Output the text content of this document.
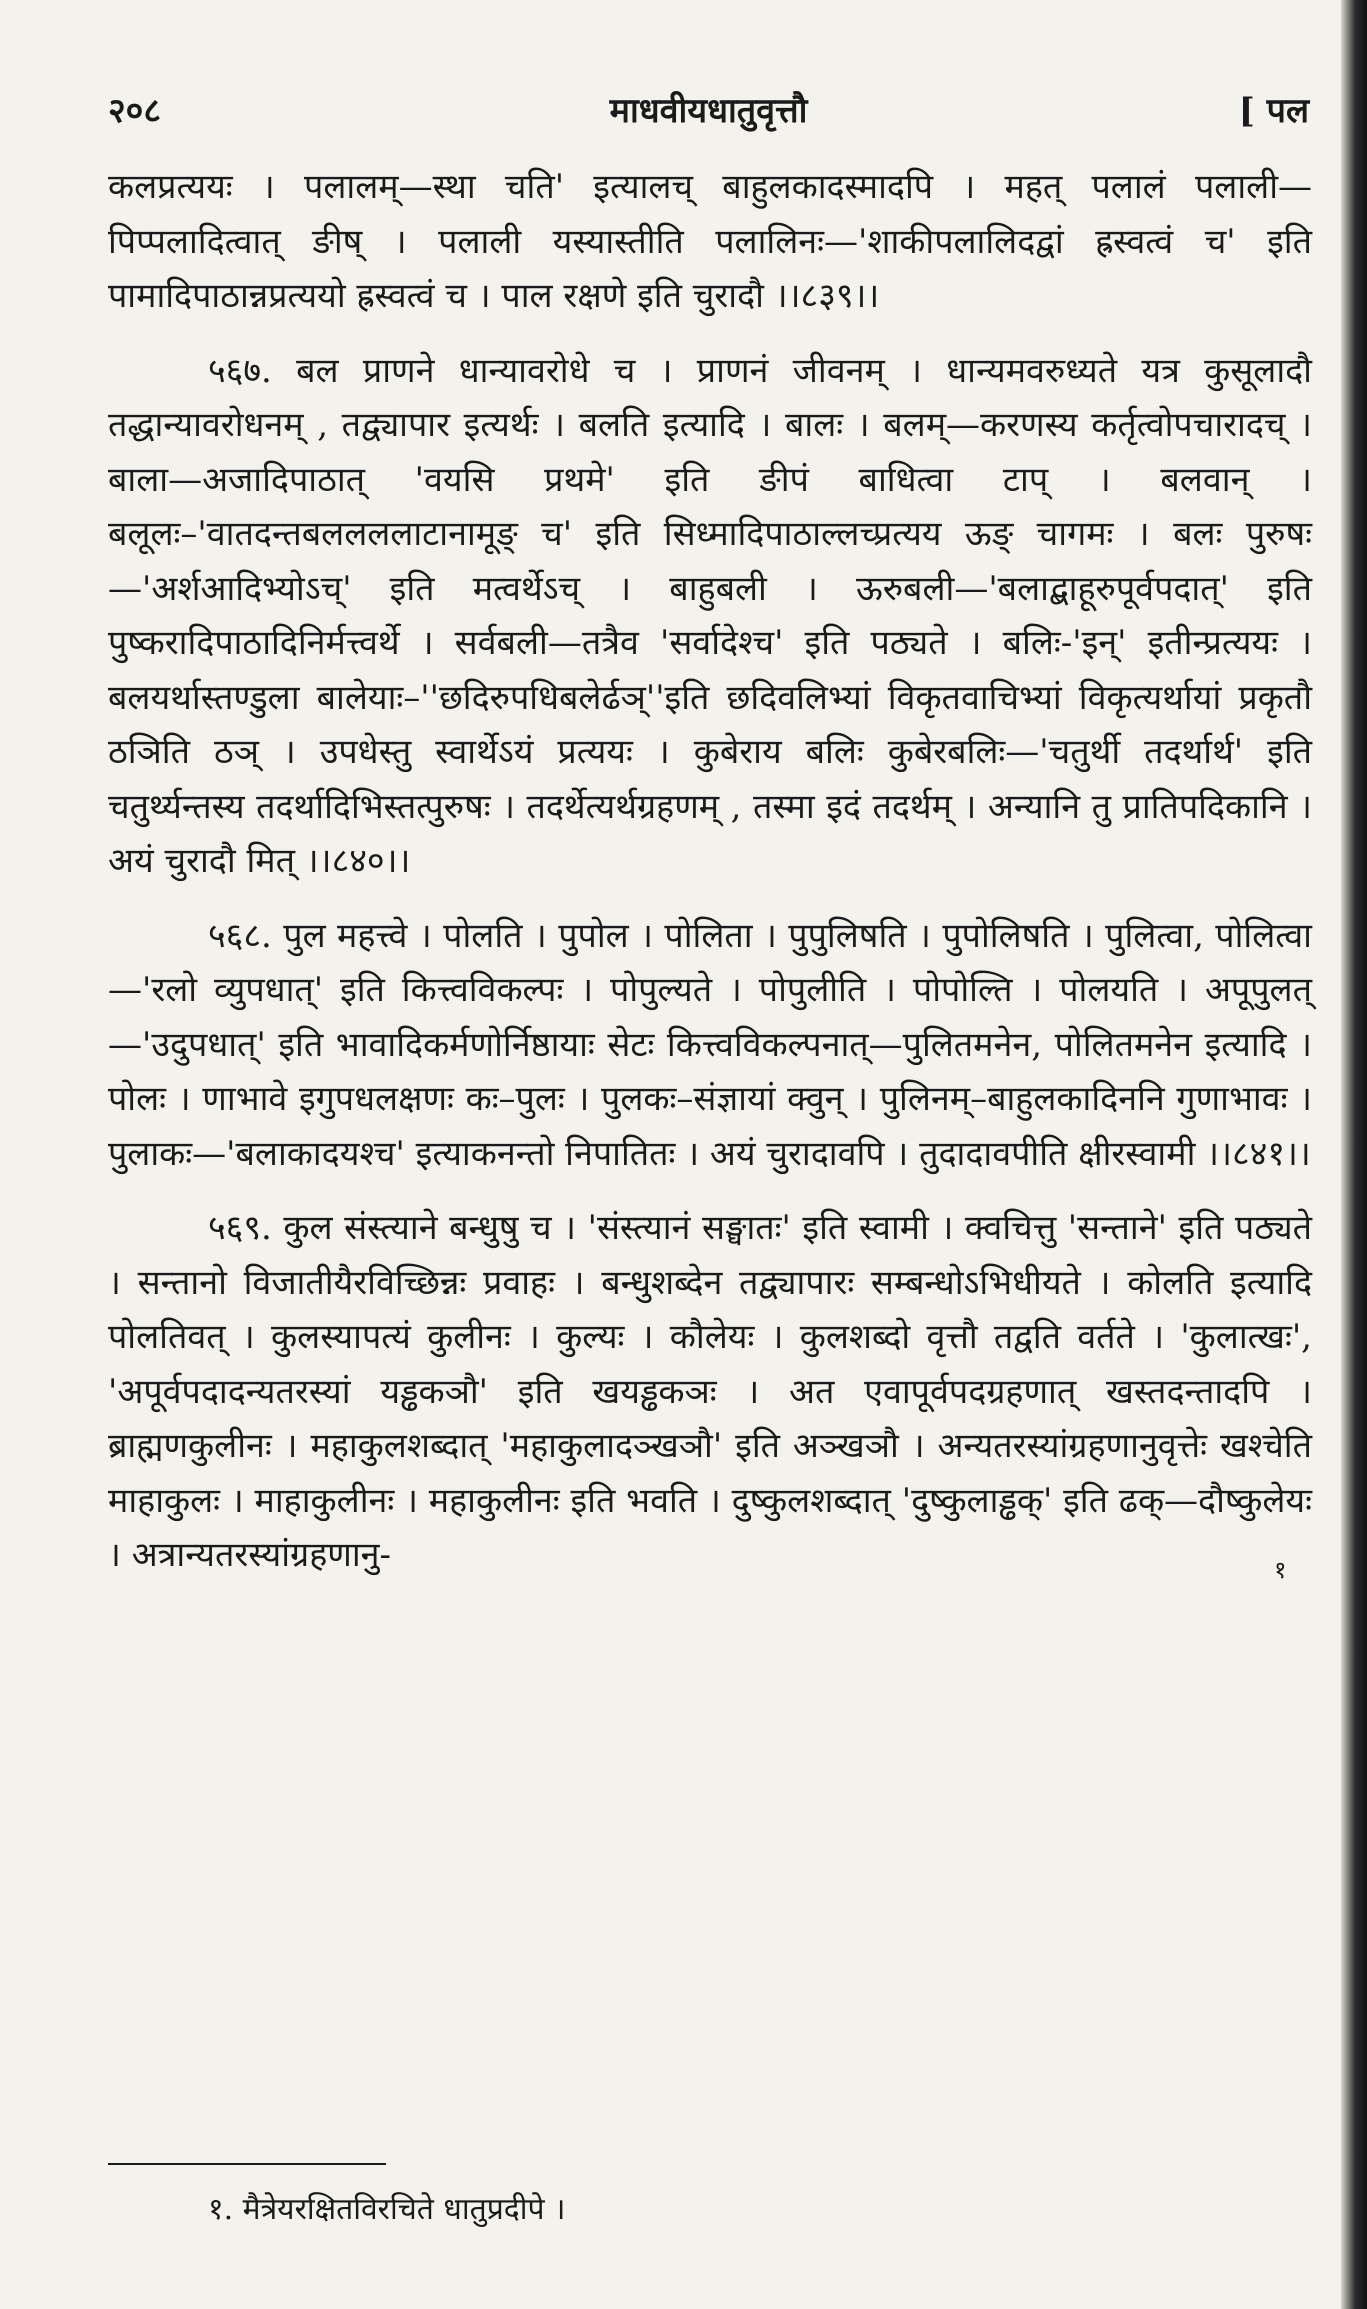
२०८	माधवीयधातुवृत्तौ	[ पल

कलप्रत्ययः । पलालम्—स्था चति' इत्यालच् बाहुलकादस्मादपि । महत् पलालं पलाली—पिप्पलादित्वात् ङीष् । पलाली यस्यास्तीति पलालिनः—'शाकीपलालिदद्वां ह्रस्वत्वं च' इति पामादिपाठान्नप्रत्ययो ह्रस्वत्वं च । पाल रक्षणे इति चुरादौ ।।८३९।।

५६७. बल प्राणने धान्यावरोधे च । प्राणनं जीवनम् । धान्यमवरुध्यते यत्र कुसूलादौ तद्धान्यावरोधनम् , तद्व्यापार इत्यर्थः । बलति इत्यादि । बालः । बलम्—करणस्य कर्तृत्वोपचारादच् । बाला—अजादिपाठात् 'वयसि प्रथमे' इति ङीपं बाधित्वा टाप् । बलवान् । बलूलः–'वातदन्तबललललाटानामूङ् च' इति सिध्मादिपाठाल्लच्प्रत्यय ऊङ् चागमः । बलः पुरुषः—'अर्शआदिभ्योऽच्' इति मत्वर्थेऽच् । बाहुबली । ऊरुबली—'बलाद्बाहूरुपूर्वपदात्' इति पुष्करादिपाठादिनिर्मत्त्वर्थे । सर्वबली—तत्रैव 'सर्वादेश्च' इति पठ्यते । बलिः-'इन्' इतीन्प्रत्ययः । बलयर्थास्तण्डुला बालेयाः–''छदिरुपधिबलेर्ढञ्''इति छदिवलिभ्यां विकृतवाचिभ्यां विकृत्यर्थायां प्रकृतौ ठञिति ठञ् । उपधेस्तु स्वार्थेऽयं प्रत्ययः । कुबेराय बलिः कुबेरबलिः—'चतुर्थी तदर्थार्थ' इति चतुर्थ्यन्तस्य तदर्थादिभिस्तत्पुरुषः । तदर्थेत्यर्थग्रहणम् , तस्मा इदं तदर्थम् । अन्यानि तु प्रातिपदिकानि । अयं चुरादौ मित् ।।८४०।।

५६८. पुल महत्त्वे । पोलति । पुपोल । पोलिता । पुपुलिषति । पुपोलिषति । पुलित्वा, पोलित्वा—'रलो व्युपधात्' इति कित्त्वविकल्पः । पोपुल्यते । पोपुलीति । पोपोल्ति । पोलयति । अपूपुलत्—'उदुपधात्' इति भावादिकर्मणोर्निष्ठायाः सेटः कित्त्वविकल्पनात्—पुलितमनेन, पोलितमनेन इत्यादि । पोलः । णाभावे इगुपधलक्षणः कः–पुलः । पुलकः–संज्ञायां क्वुन् । पुलिनम्–बाहुलकादिननि गुणाभावः । पुलाकः—'बलाकादयश्च' इत्याकनन्तो निपातितः । अयं चुरादावपि । तुदादावपीति क्षीरस्वामी ।।८४१।।

५६९. कुल संस्त्याने बन्धुषु च । 'संस्त्यानं सङ्घातः' इति स्वामी । क्वचित्तु 'सन्ताने' इति पठ्यते । सन्तानो विजातीयैरविच्छिन्नः प्रवाहः । बन्धुशब्देन तद्व्यापारः सम्बन्धोऽभिधीयते । कोलति इत्यादि पोलतिवत् । कुलस्यापत्यं कुलीनः । कुल्यः । कौलेयः । कुलशब्दो वृत्तौ तद्वति वर्तते । 'कुलात्खः', 'अपूर्वपदादन्यतरस्यां यड्ढकञौ' इति खयड्ढकञः । अत एवापूर्वपदग्रहणात् खस्तदन्तादपि । ब्राह्मणकुलीनः । महाकुलशब्दात् 'महाकुलादञ्खञौ' इति अञ्खञौ । अन्यतरस्यांग्रहणानुवृत्तेः खश्चेति माहाकुलः । माहाकुलीनः । महाकुलीनः इति भवति । दुष्कुलशब्दात् 'दुष्कुलाड्ढक्' इति ढक्—दौष्कुलेयः । अत्रान्यतरस्यांग्रहणानु-	१
१. मैत्रेयरक्षितविरचिते धातुप्रदीपे ।
